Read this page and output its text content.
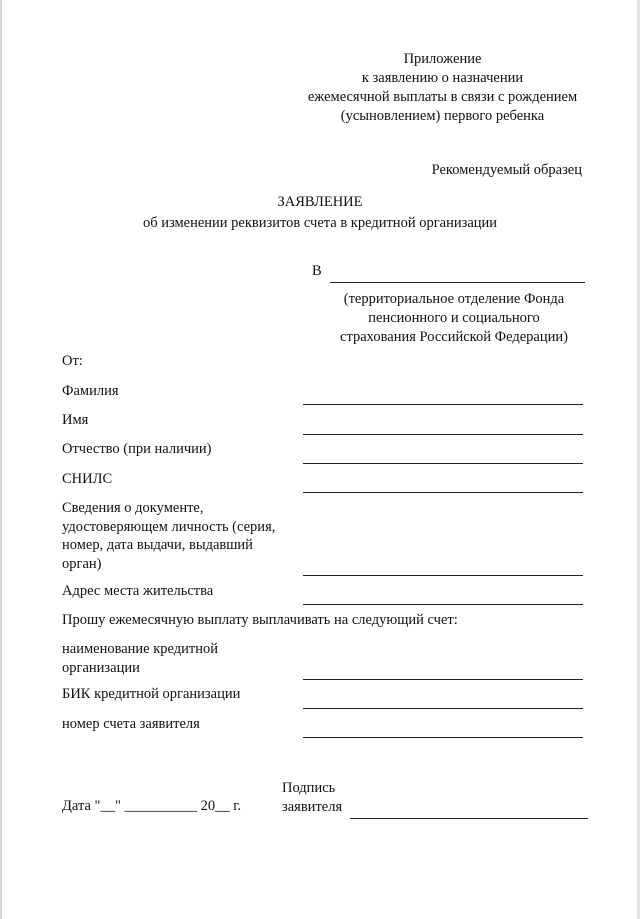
Приложение
к заявлению о назначении
ежемесячной выплаты в связи с рождением
(усыновлением) первого ребенка
Рекомендуемый образец
ЗАЯВЛЕНИЕ
об изменении реквизитов счета в кредитной организации
В
(территориальное отделение Фонда
пенсионного и социального
страхования Российской Федерации)
От:
Фамилия
Имя
Отчество (при наличии)
СНИЛС
Сведения о документе,
удостоверяющем личность (серия,
номер, дата выдачи, выдавший
орган)
Адрес места жительства
Прошу ежемесячную выплату выплачивать на следующий счет:
наименование кредитной
организации
БИК кредитной организации
номер счета заявителя
Дата "__" __________ 20__ г.
Подпись
заявителя
